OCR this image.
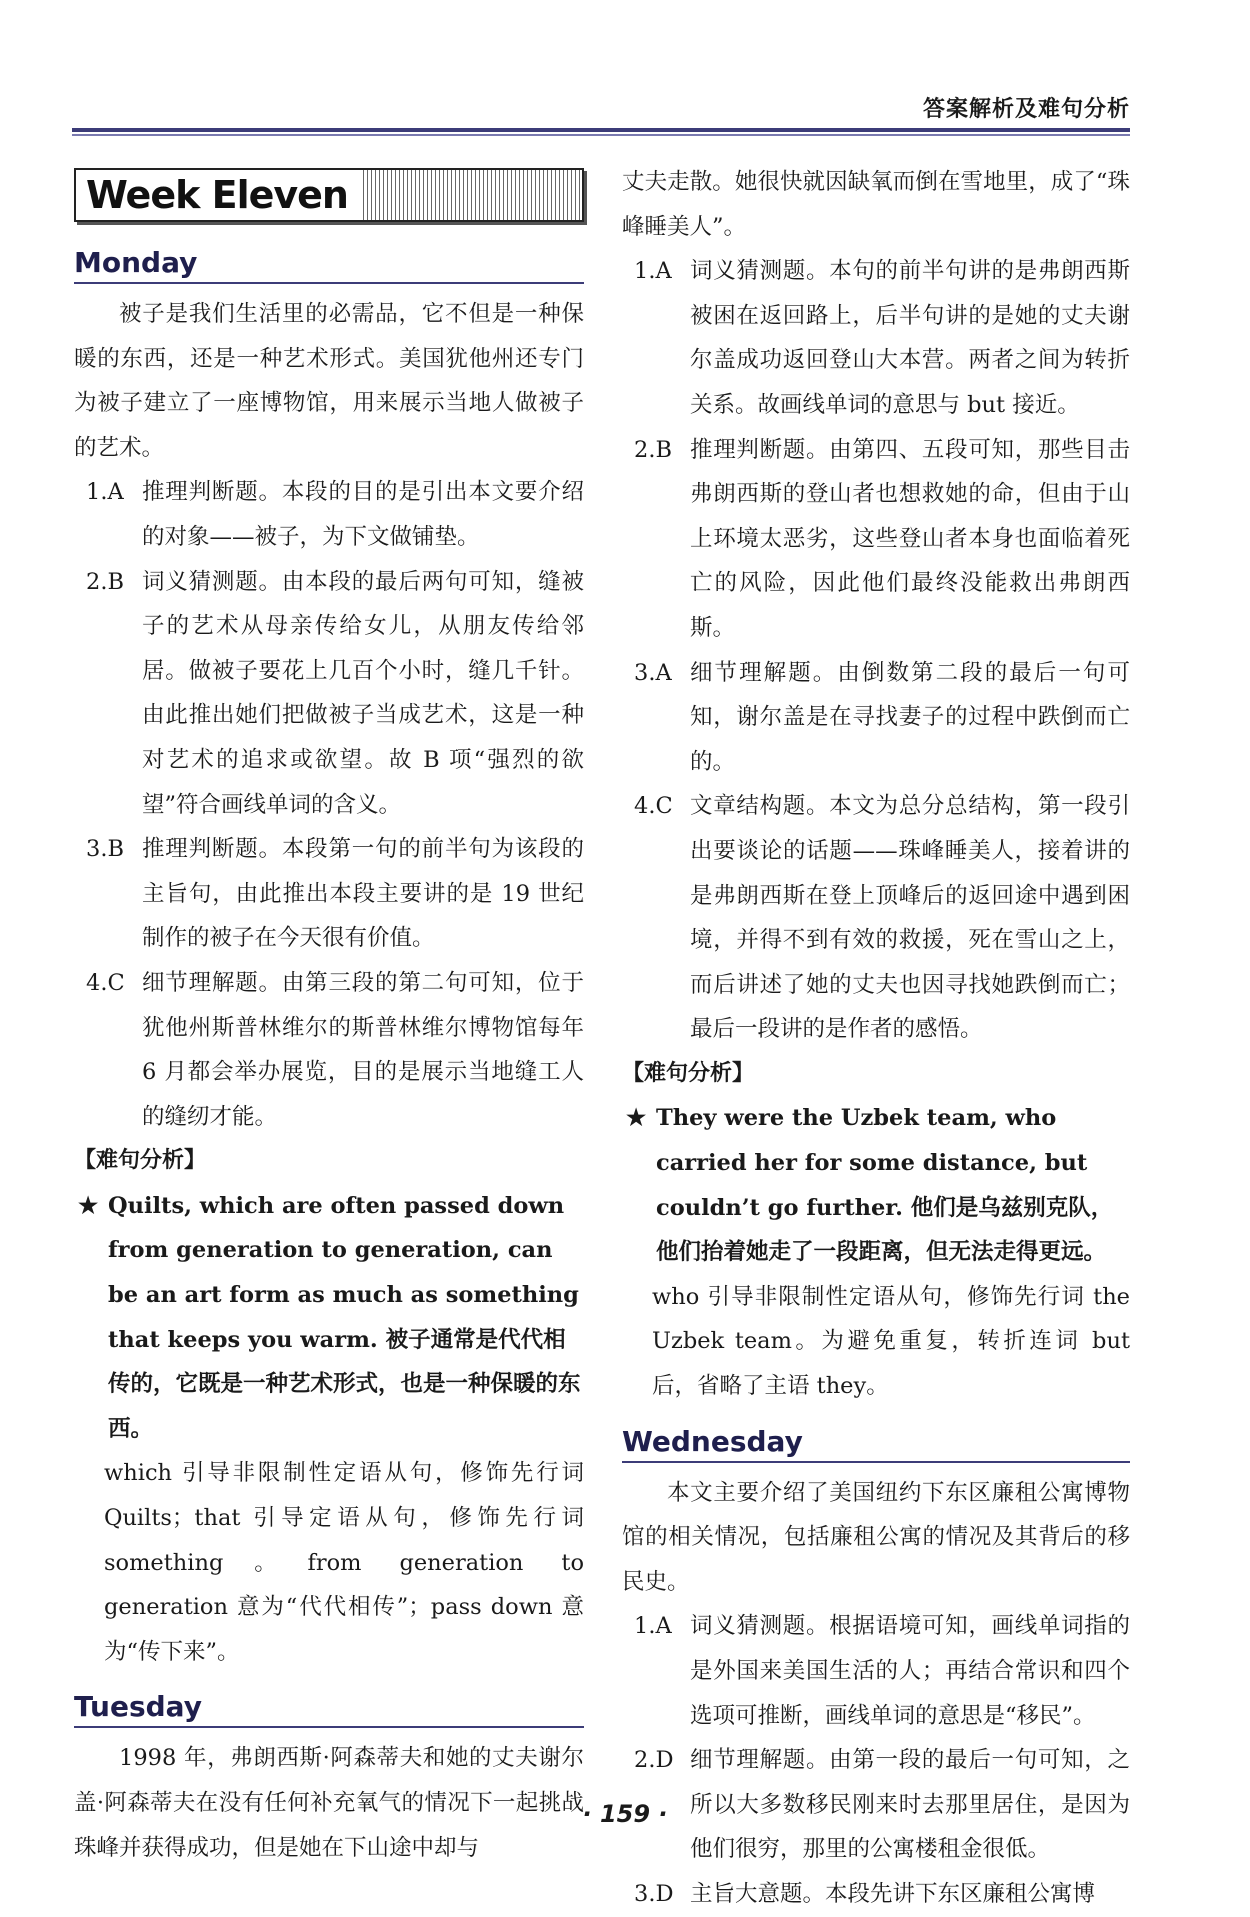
答案解析及难句分析
Week Eleven
Monday

被子是我们生活里的必需品，它不但是一种保暖的东西，还是一种艺术形式。美国犹他州还专门为被子建立了一座博物馆，用来展示当地人做被子的艺术。

1.A 推理判断题。本段的目的是引出本文要介绍的对象——被子，为下文做铺垫。
2.B 词义猜测题。由本段的最后两句可知，缝被子的艺术从母亲传给女儿，从朋友传给邻居。做被子要花上几百个小时，缝几千针。由此推出她们把做被子当成艺术，这是一种对艺术的追求或欲望。故 B 项“强烈的欲望”符合画线单词的含义。
3.B 推理判断题。本段第一句的前半句为该段的主旨句，由此推出本段主要讲的是 19 世纪制作的被子在今天很有价值。
4.C 细节理解题。由第三段的第二句可知，位于犹他州斯普林维尔的斯普林维尔博物馆每年 6 月都会举办展览，目的是展示当地缝工人的缝纫才能。

【难句分析】

★ Quilts, which are often passed down from generation to generation, can be an art form as much as something that keeps you warm. 被子通常是代代相传的，它既是一种艺术形式，也是一种保暖的东西。

which 引导非限制性定语从句，修饰先行词 Quilts；that 引导定语从句，修饰先行词 something。from generation to generation 意为“代代相传”；pass down 意为“传下来”。

Tuesday

1998 年，弗朗西斯·阿森蒂夫和她的丈夫谢尔盖·阿森蒂夫在没有任何补充氧气的情况下一起挑战珠峰并获得成功，但是她在下山途中却与

丈夫走散。她很快就因缺氧而倒在雪地里，成了“珠峰睡美人”。

1.A 词义猜测题。本句的前半句讲的是弗朗西斯被困在返回路上，后半句讲的是她的丈夫谢尔盖成功返回登山大本营。两者之间为转折关系。故画线单词的意思与 but 接近。
2.B 推理判断题。由第四、五段可知，那些目击弗朗西斯的登山者也想救她的命，但由于山上环境太恶劣，这些登山者本身也面临着死亡的风险，因此他们最终没能救出弗朗西斯。
3.A 细节理解题。由倒数第二段的最后一句可知，谢尔盖是在寻找妻子的过程中跌倒而亡的。
4.C 文章结构题。本文为总分总结构，第一段引出要谈论的话题——珠峰睡美人，接着讲的是弗朗西斯在登上顶峰后的返回途中遇到困境，并得不到有效的救援，死在雪山之上，而后讲述了她的丈夫也因寻找她跌倒而亡；最后一段讲的是作者的感悟。

【难句分析】

★ They were the Uzbek team, who carried her for some distance, but couldn’t go further. 他们是乌兹别克队，他们抬着她走了一段距离，但无法走得更远。

who 引导非限制性定语从句，修饰先行词 the Uzbek team。为避免重复，转折连词 but 后，省略了主语 they。

Wednesday

本文主要介绍了美国纽约下东区廉租公寓博物馆的相关情况，包括廉租公寓的情况及其背后的移民史。

1.A 词义猜测题。根据语境可知，画线单词指的是外国来美国生活的人；再结合常识和四个选项可推断，画线单词的意思是“移民”。
2.D 细节理解题。由第一段的最后一句可知，之所以大多数移民刚来时去那里居住，是因为他们很穷，那里的公寓楼租金很低。
3.D 主旨大意题。本段先讲下东区廉租公寓博
· 159 ·
